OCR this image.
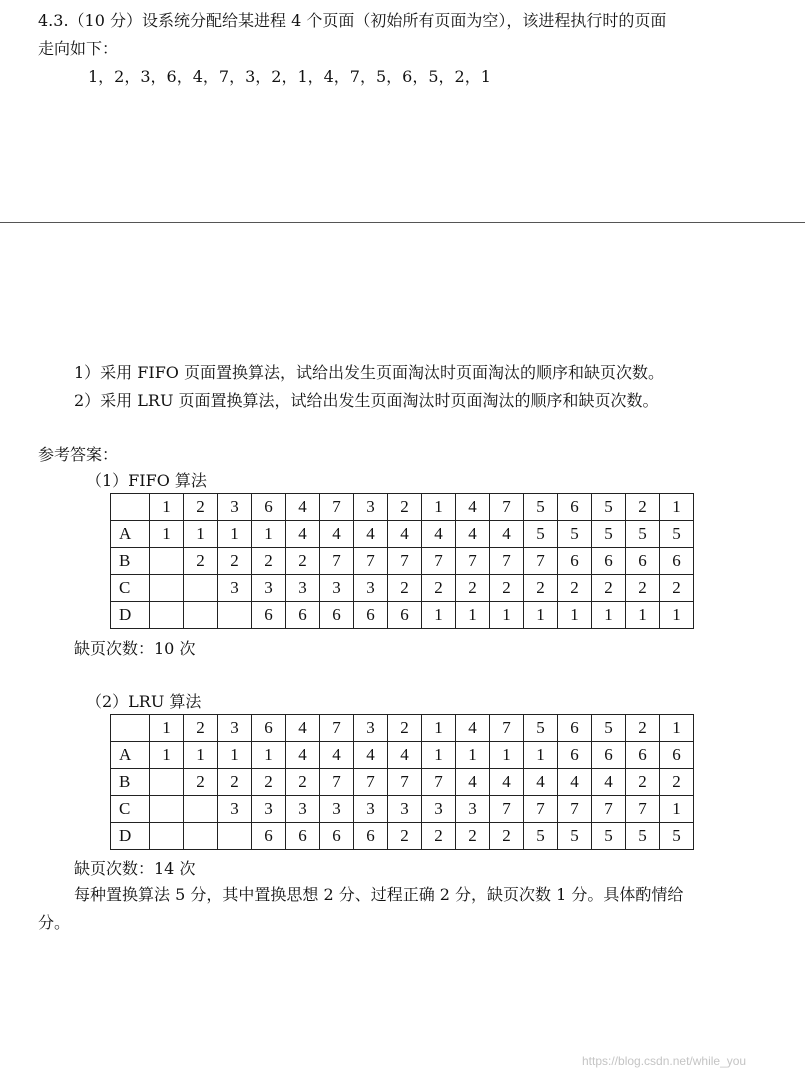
4.3.（10 分）设系统分配给某进程 4 个页面（初始所有页面为空），该进程执行时的页面
走向如下：
1，2，3，6，4，7，3，2，1，4，7，5，6，5，2，1
1）采用 FIFO 页面置换算法，试给出发生页面淘汰时页面淘汰的顺序和缺页次数。
2）采用 LRU 页面置换算法，试给出发生页面淘汰时页面淘汰的顺序和缺页次数。
参考答案：
（1）FIFO 算法
	1	2	3	6	4	7	3	2	1	4	7	5	6	5	2	1
A	1	1	1	1	4	4	4	4	4	4	4	5	5	5	5	5
B		2	2	2	2	7	7	7	7	7	7	7	6	6	6	6
C			3	3	3	3	3	2	2	2	2	2	2	2	2	2
D				6	6	6	6	6	1	1	1	1	1	1	1	1
缺页次数：10 次
（2）LRU 算法
	1	2	3	6	4	7	3	2	1	4	7	5	6	5	2	1
A	1	1	1	1	4	4	4	4	1	1	1	1	6	6	6	6
B		2	2	2	2	7	7	7	7	4	4	4	4	4	2	2
C			3	3	3	3	3	3	3	3	7	7	7	7	7	1
D				6	6	6	6	2	2	2	2	5	5	5	5	5
缺页次数：14 次
每种置换算法 5 分，其中置换思想 2 分、过程正确 2 分，缺页次数 1 分。具体酌情给
分。
https://blog.csdn.net/while_you
